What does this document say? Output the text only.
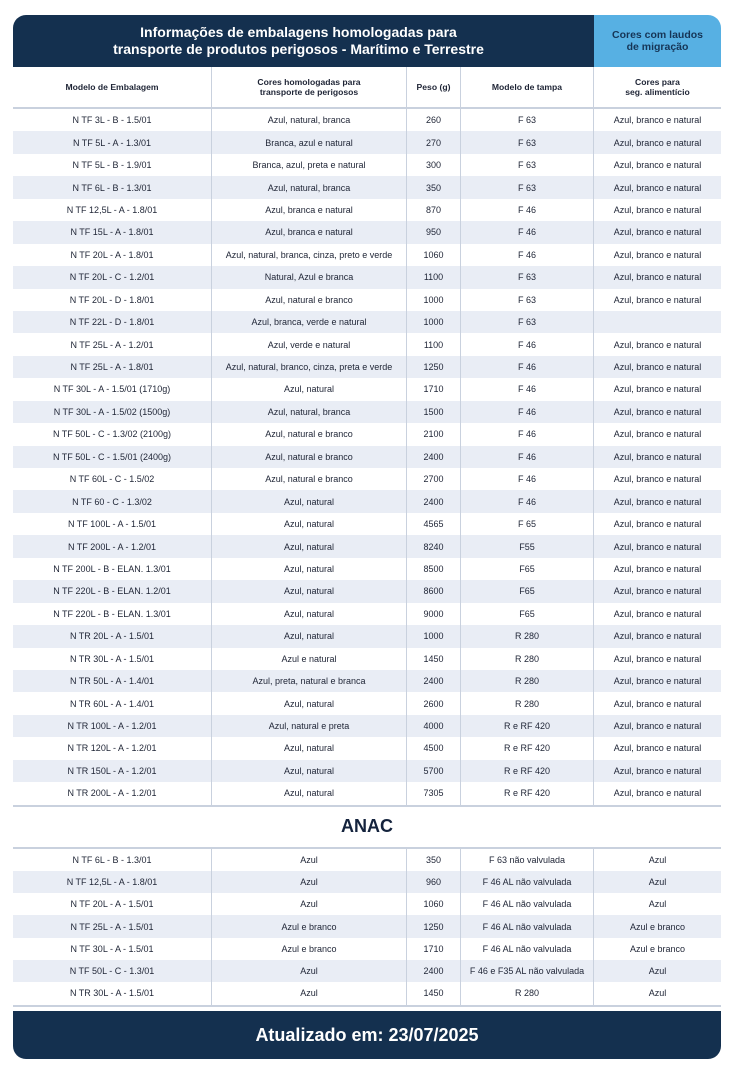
Informações de embalagens homologadas para
transporte de produtos perigosos - Marítimo e Terrestre
Cores com laudos
de migração
Modelo de Embalagem	Cores homologadas para
transporte de perigosos	Peso (g)	Modelo de tampa	Cores para
seg. alimentício
N TF 3L - B - 1.5/01	Azul, natural, branca	260	F 63	Azul, branco e natural
N TF 5L - A - 1.3/01	Branca, azul e natural	270	F 63	Azul, branco e natural
N TF 5L - B - 1.9/01	Branca, azul, preta e natural	300	F 63	Azul, branco e natural
N TF 6L - B - 1.3/01	Azul, natural, branca	350	F 63	Azul, branco e natural
N TF 12,5L - A - 1.8/01	Azul, branca e natural	870	F 46	Azul, branco e natural
N TF 15L - A - 1.8/01	Azul, branca e natural	950	F 46	Azul, branco e natural
N TF 20L - A - 1.8/01	Azul, natural, branca, cinza, preto e verde	1060	F 46	Azul, branco e natural
N TF 20L - C - 1.2/01	Natural, Azul e branca	1100	F 63	Azul, branco e natural
N TF 20L - D - 1.8/01	Azul, natural e branco	1000	F 63	Azul, branco e natural
N TF 22L - D - 1.8/01	Azul, branca, verde e natural	1000	F 63
N TF 25L - A - 1.2/01	Azul, verde e natural	1100	F 46	Azul, branco e natural
N TF 25L - A - 1.8/01	Azul, natural, branco, cinza, preta e verde	1250	F 46	Azul, branco e natural
N TF 30L - A - 1.5/01 (1710g)	Azul, natural	1710	F 46	Azul, branco e natural
N TF 30L - A - 1.5/02 (1500g)	Azul, natural, branca	1500	F 46	Azul, branco e natural
N TF 50L - C - 1.3/02 (2100g)	Azul, natural e branco	2100	F 46	Azul, branco e natural
N TF 50L - C - 1.5/01 (2400g)	Azul, natural e branco	2400	F 46	Azul, branco e natural
N TF 60L - C - 1.5/02	Azul, natural e branco	2700	F 46	Azul, branco e natural
N TF 60 - C - 1.3/02	Azul, natural	2400	F 46	Azul, branco e natural
N TF 100L - A - 1.5/01	Azul, natural	4565	F 65	Azul, branco e natural
N TF 200L - A - 1.2/01	Azul, natural	8240	F55	Azul, branco e natural
N TF 200L - B - ELAN. 1.3/01	Azul, natural	8500	F65	Azul, branco e natural
N TF 220L - B - ELAN. 1.2/01	Azul, natural	8600	F65	Azul, branco e natural
N TF 220L - B - ELAN. 1.3/01	Azul, natural	9000	F65	Azul, branco e natural
N TR 20L - A - 1.5/01	Azul, natural	1000	R 280	Azul, branco e natural
N TR 30L - A - 1.5/01	Azul e natural	1450	R 280	Azul, branco e natural
N TR 50L - A - 1.4/01	Azul, preta, natural e branca	2400	R 280	Azul, branco e natural
N TR 60L - A - 1.4/01	Azul, natural	2600	R 280	Azul, branco e natural
N TR 100L - A - 1.2/01	Azul, natural e preta	4000	R e RF 420	Azul, branco e natural
N TR 120L - A - 1.2/01	Azul, natural	4500	R e RF 420	Azul, branco e natural
N TR 150L - A - 1.2/01	Azul, natural	5700	R e RF 420	Azul, branco e natural
N TR 200L - A - 1.2/01	Azul, natural	7305	R e RF 420	Azul, branco e natural
ANAC
N TF 6L - B - 1.3/01	Azul	350	F 63 não valvulada	Azul
N TF 12,5L - A - 1.8/01	Azul	960	F 46 AL não valvulada	Azul
N TF 20L - A - 1.5/01	Azul	1060	F 46 AL não valvulada	Azul
N TF 25L - A - 1.5/01	Azul e branco	1250	F 46 AL não valvulada	Azul e branco
N TF 30L - A - 1.5/01	Azul e branco	1710	F 46 AL não valvulada	Azul e branco
N TF 50L - C - 1.3/01	Azul	2400	F 46 e F35 AL não valvulada	Azul
N TR 30L - A - 1.5/01	Azul	1450	R 280	Azul
Atualizado em: 23/07/2025
